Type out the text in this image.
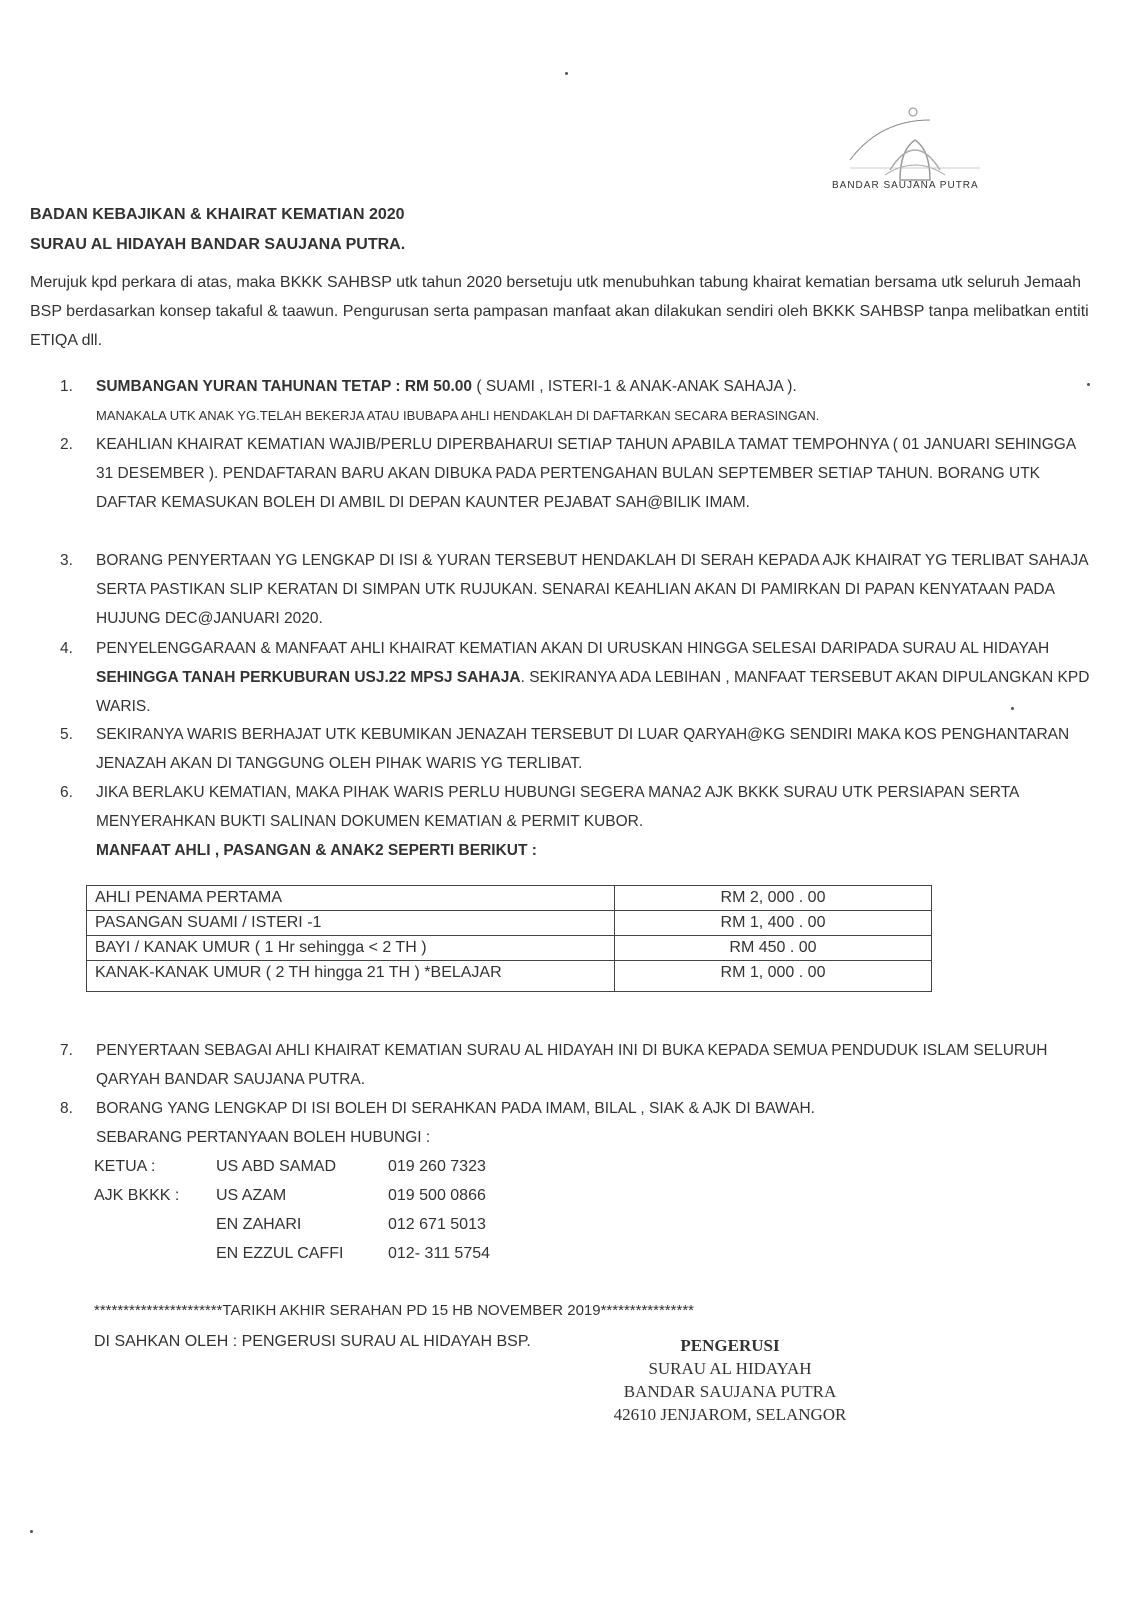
BANDAR SAUJANA PUTRA
BADAN KEBAJIKAN & KHAIRAT KEMATIAN 2020
SURAU AL HIDAYAH BANDAR SAUJANA PUTRA.
Merujuk kpd perkara di atas, maka BKKK SAHBSP utk tahun 2020 bersetuju utk menubuhkan tabung khairat kematian bersama utk seluruh Jemaah BSP berdasarkan konsep takaful & taawun. Pengurusan serta pampasan manfaat akan dilakukan sendiri oleh BKKK SAHBSP tanpa melibatkan entiti ETIQA dll.
1. SUMBANGAN YURAN TAHUNAN TETAP : RM 50.00 ( SUAMI , ISTERI-1 & ANAK-ANAK SAHAJA ).
MANAKALA UTK ANAK YG.TELAH BEKERJA ATAU IBUBAPA AHLI HENDAKLAH DI DAFTARKAN SECARA BERASINGAN.
2. KEAHLIAN KHAIRAT KEMATIAN WAJIB/PERLU DIPERBAHARUI SETIAP TAHUN APABILA TAMAT TEMPOHNYA ( 01 JANUARI SEHINGGA 31 DESEMBER ). PENDAFTARAN BARU AKAN DIBUKA PADA PERTENGAHAN BULAN SEPTEMBER SETIAP TAHUN. BORANG UTK DAFTAR KEMASUKAN BOLEH DI AMBIL DI DEPAN KAUNTER PEJABAT SAH@BILIK IMAM.
3. BORANG PENYERTAAN YG LENGKAP DI ISI & YURAN TERSEBUT HENDAKLAH DI SERAH KEPADA AJK KHAIRAT YG TERLIBAT SAHAJA SERTA PASTIKAN SLIP KERATAN DI SIMPAN UTK RUJUKAN. SENARAI KEAHLIAN AKAN DI PAMIRKAN DI PAPAN KENYATAAN PADA HUJUNG DEC@JANUARI 2020.
4. PENYELENGGARAAN & MANFAAT AHLI KHAIRAT KEMATIAN AKAN DI URUSKAN HINGGA SELESAI DARIPADA SURAU AL HIDAYAH SEHINGGA TANAH PERKUBURAN USJ.22 MPSJ SAHAJA. SEKIRANYA ADA LEBIHAN , MANFAAT TERSEBUT AKAN DIPULANGKAN KPD WARIS.
5. SEKIRANYA WARIS BERHAJAT UTK KEBUMIKAN JENAZAH TERSEBUT DI LUAR QARYAH@KG SENDIRI MAKA KOS PENGHANTARAN JENAZAH AKAN DI TANGGUNG OLEH PIHAK WARIS YG TERLIBAT.
6. JIKA BERLAKU KEMATIAN, MAKA PIHAK WARIS PERLU HUBUNGI SEGERA MANA2 AJK BKKK SURAU UTK PERSIAPAN SERTA MENYERAHKAN BUKTI SALINAN DOKUMEN KEMATIAN & PERMIT KUBOR.
MANFAAT AHLI , PASANGAN & ANAK2 SEPERTI BERIKUT :
AHLI PENAMA PERTAMA	RM 2, 000 . 00
PASANGAN SUAMI / ISTERI -1	RM 1, 400 . 00
BAYI / KANAK UMUR ( 1 Hr sehingga < 2 TH )	RM 450 . 00
KANAK-KANAK UMUR ( 2 TH hingga 21 TH ) *BELAJAR	RM 1, 000 . 00
7. PENYERTAAN SEBAGAI AHLI KHAIRAT KEMATIAN SURAU AL HIDAYAH INI DI BUKA KEPADA SEMUA PENDUDUK ISLAM SELURUH QARYAH BANDAR SAUJANA PUTRA.
8. BORANG YANG LENGKAP DI ISI BOLEH DI SERAHKAN PADA IMAM, BILAL , SIAK & AJK DI BAWAH.
SEBARANG PERTANYAAN BOLEH HUBUNGI :
KETUA :	US ABD SAMAD	019 260 7323
AJK BKKK : US AZAM	019 500 0866
EN ZAHARI	012 671 5013
EN EZZUL CAFFI	012- 311 5754
**********************TARIKH AKHIR SERAHAN PD 15 HB NOVEMBER 2019****************
DI SAHKAN OLEH : PENGERUSI SURAU AL HIDAYAH BSP.	PENGERUSI
SURAU AL HIDAYAH
BANDAR SAUJANA PUTRA
42610 JENJAROM, SELANGOR
